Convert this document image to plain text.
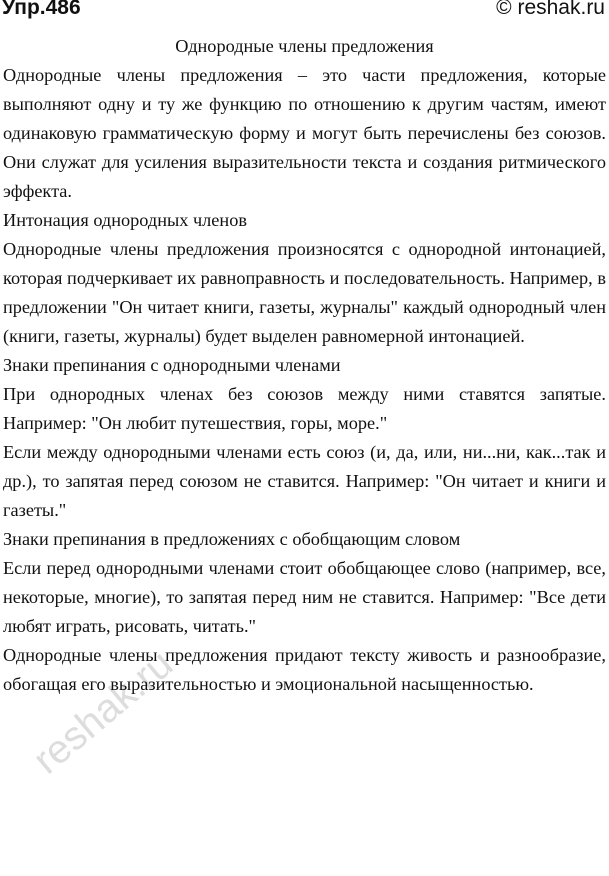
Упр.486	© reshak.ru
reshak.ru

Однородные члены предложения

Однородные члены предложения – это части предложения, которые выполняют одну и ту же функцию по отношению к другим частям, имеют одинаковую грамматическую форму и могут быть перечислены без союзов. Они служат для усиления выразительности текста и создания ритмического эффекта.

Интонация однородных членов

Однородные члены предложения произносятся с однородной интонацией, которая подчеркивает их равноправность и последовательность. Например, в предложении "Он читает книги, газеты, журналы" каждый однородный член (книги, газеты, журналы) будет выделен равномерной интонацией.

Знаки препинания с однородными членами

При однородных членах без союзов между ними ставятся запятые. Например: "Он любит путешествия, горы, море."

Если между однородными членами есть союз (и, да, или, ни...ни, как...так и др.), то запятая перед союзом не ставится. Например: "Он читает и книги и газеты."

Знаки препинания в предложениях с обобщающим словом

Если перед однородными членами стоит обобщающее слово (например, все, некоторые, многие), то запятая перед ним не ставится. Например: "Все дети любят играть, рисовать, читать."

Однородные члены предложения придают тексту живость и разнообразие, обогащая его выразительностью и эмоциональной насыщенностью.
